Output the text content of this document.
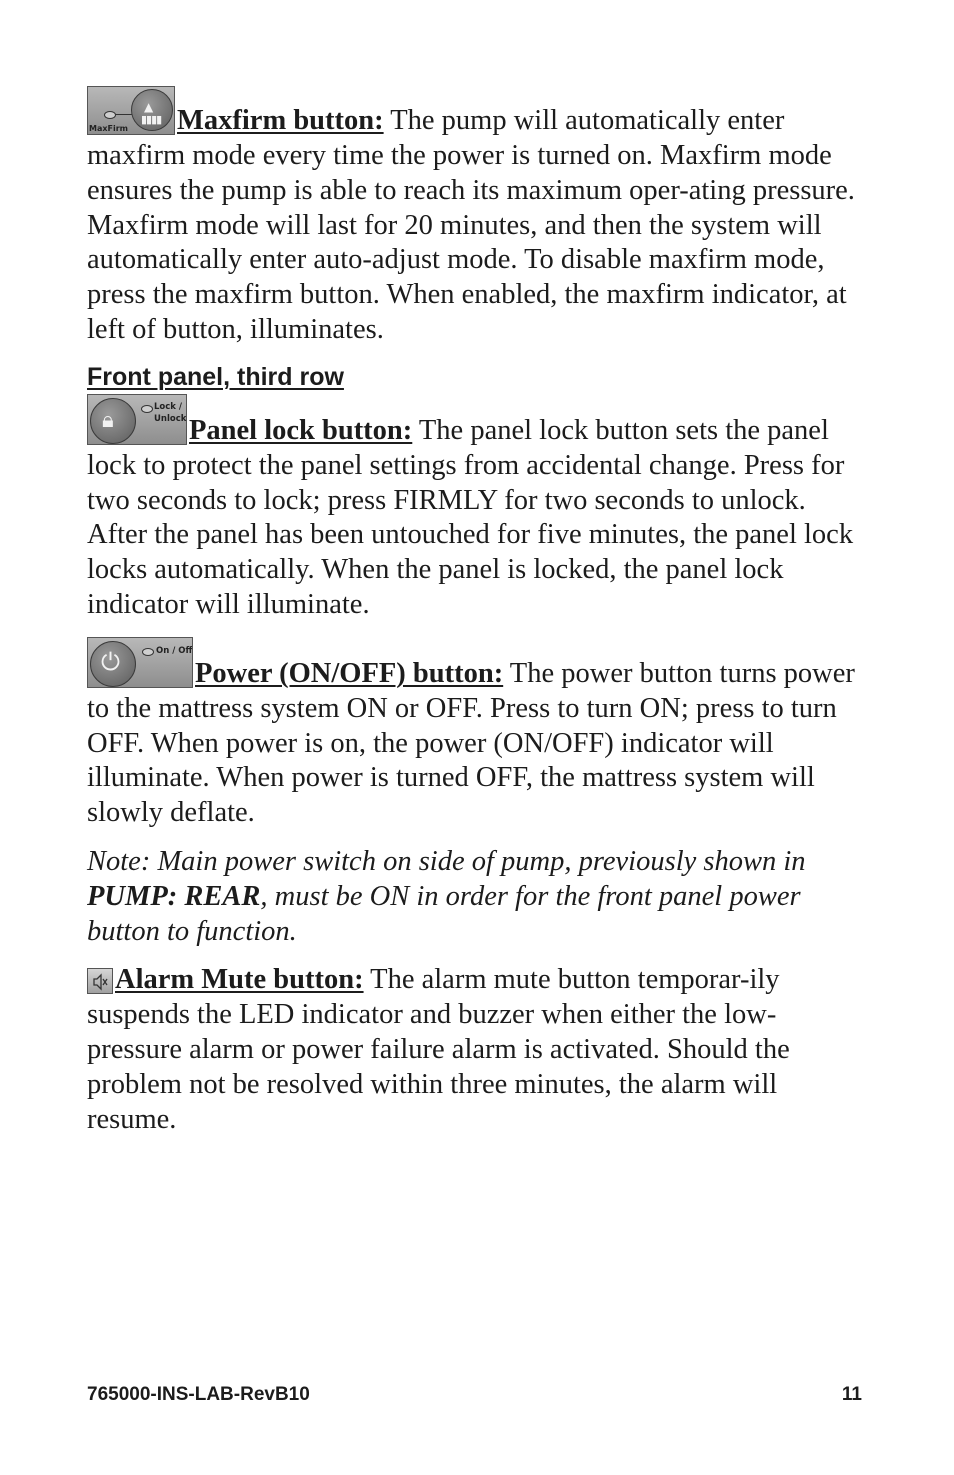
▲
▮▮▮▮
MaxFirm Maxfirm button: The pump will automatically enter maxfirm mode every time the power is turned on. Maxfirm mode ensures the pump is able to reach its maximum oper-ating pressure. Maxfirm mode will last for 20 minutes, and then the system will automatically enter auto-adjust mode. To disable maxfirm mode, press the maxfirm button. When enabled, the maxfirm indicator, at left of button, illuminates.

Front panel, third row

🔒︎
Lock /
Unlock Panel lock button: The panel lock button sets the panel lock to protect the panel settings from accidental change. Press for two seconds to lock; press FIRMLY for two seconds to unlock. After the panel has been untouched for five minutes, the panel lock locks automatically. When the panel is locked, the panel lock indicator will illuminate.

⏻	On / Off
Power (ON/OFF) button: The power button turns power to the mattress system ON or OFF. Press to turn ON; press to turn OFF. When power is on, the power (ON/OFF) indicator will illuminate. When power is turned OFF, the mattress system will slowly deflate.

Note: Main power switch on side of pump, previously shown in PUMP: REAR, must be ON in order for the front panel power button to function.

Alarm Mute button: The alarm mute button temporar-ily suspends the LED indicator and buzzer when either the low-pressure alarm or power failure alarm is activated. Should the problem not be resolved within three minutes, the alarm will resume.

765000-INS-LAB-RevB10	11
